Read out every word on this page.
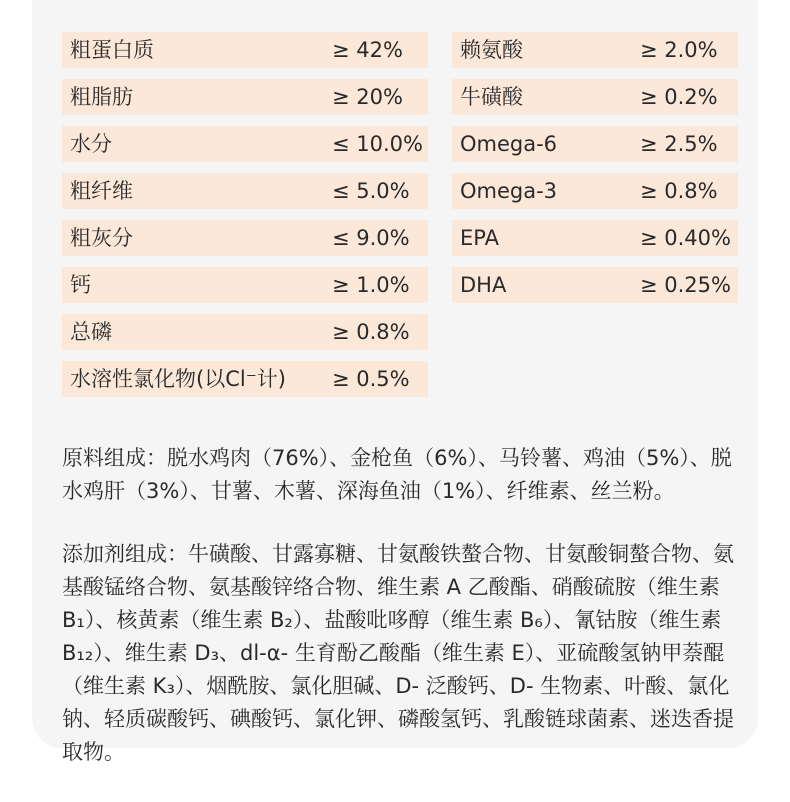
粗蛋白质	≥ 42%
粗脂肪	≥ 20%
水分	≤ 10.0%
粗纤维	≤ 5.0%
粗灰分	≤ 9.0%
钙	≥ 1.0%
总磷	≥ 0.8%
水溶性氯化物(以Cl⁻计) ≥ 0.5%
赖氨酸	≥ 2.0%
牛磺酸	≥ 0.2%
Omega-6	≥ 2.5%
Omega-3	≥ 0.8%
EPA	≥ 0.40%
DHA	≥ 0.25%
原料组成：脱水鸡肉（76%）、金枪鱼（6%）、马铃薯、鸡油（5%）、脱水鸡肝（3%）、甘薯、木薯、深海鱼油（1%）、纤维素、丝兰粉。
添加剂组成：牛磺酸、甘露寡糖、甘氨酸铁螯合物、甘氨酸铜螯合物、氨基酸锰络合物、氨基酸锌络合物、维生素 A 乙酸酯、硝酸硫胺（维生素 B₁）、核黄素（维生素 B₂）、盐酸吡哆醇（维生素 B₆）、氰钴胺（维生素 B₁₂）、维生素 D₃、dl-α- 生育酚乙酸酯（维生素 E）、亚硫酸氢钠甲萘醌（维生素 K₃）、烟酰胺、氯化胆碱、D- 泛酸钙、D- 生物素、叶酸、氯化钠、轻质碳酸钙、碘酸钙、氯化钾、磷酸氢钙、乳酸链球菌素、迷迭香提取物。
